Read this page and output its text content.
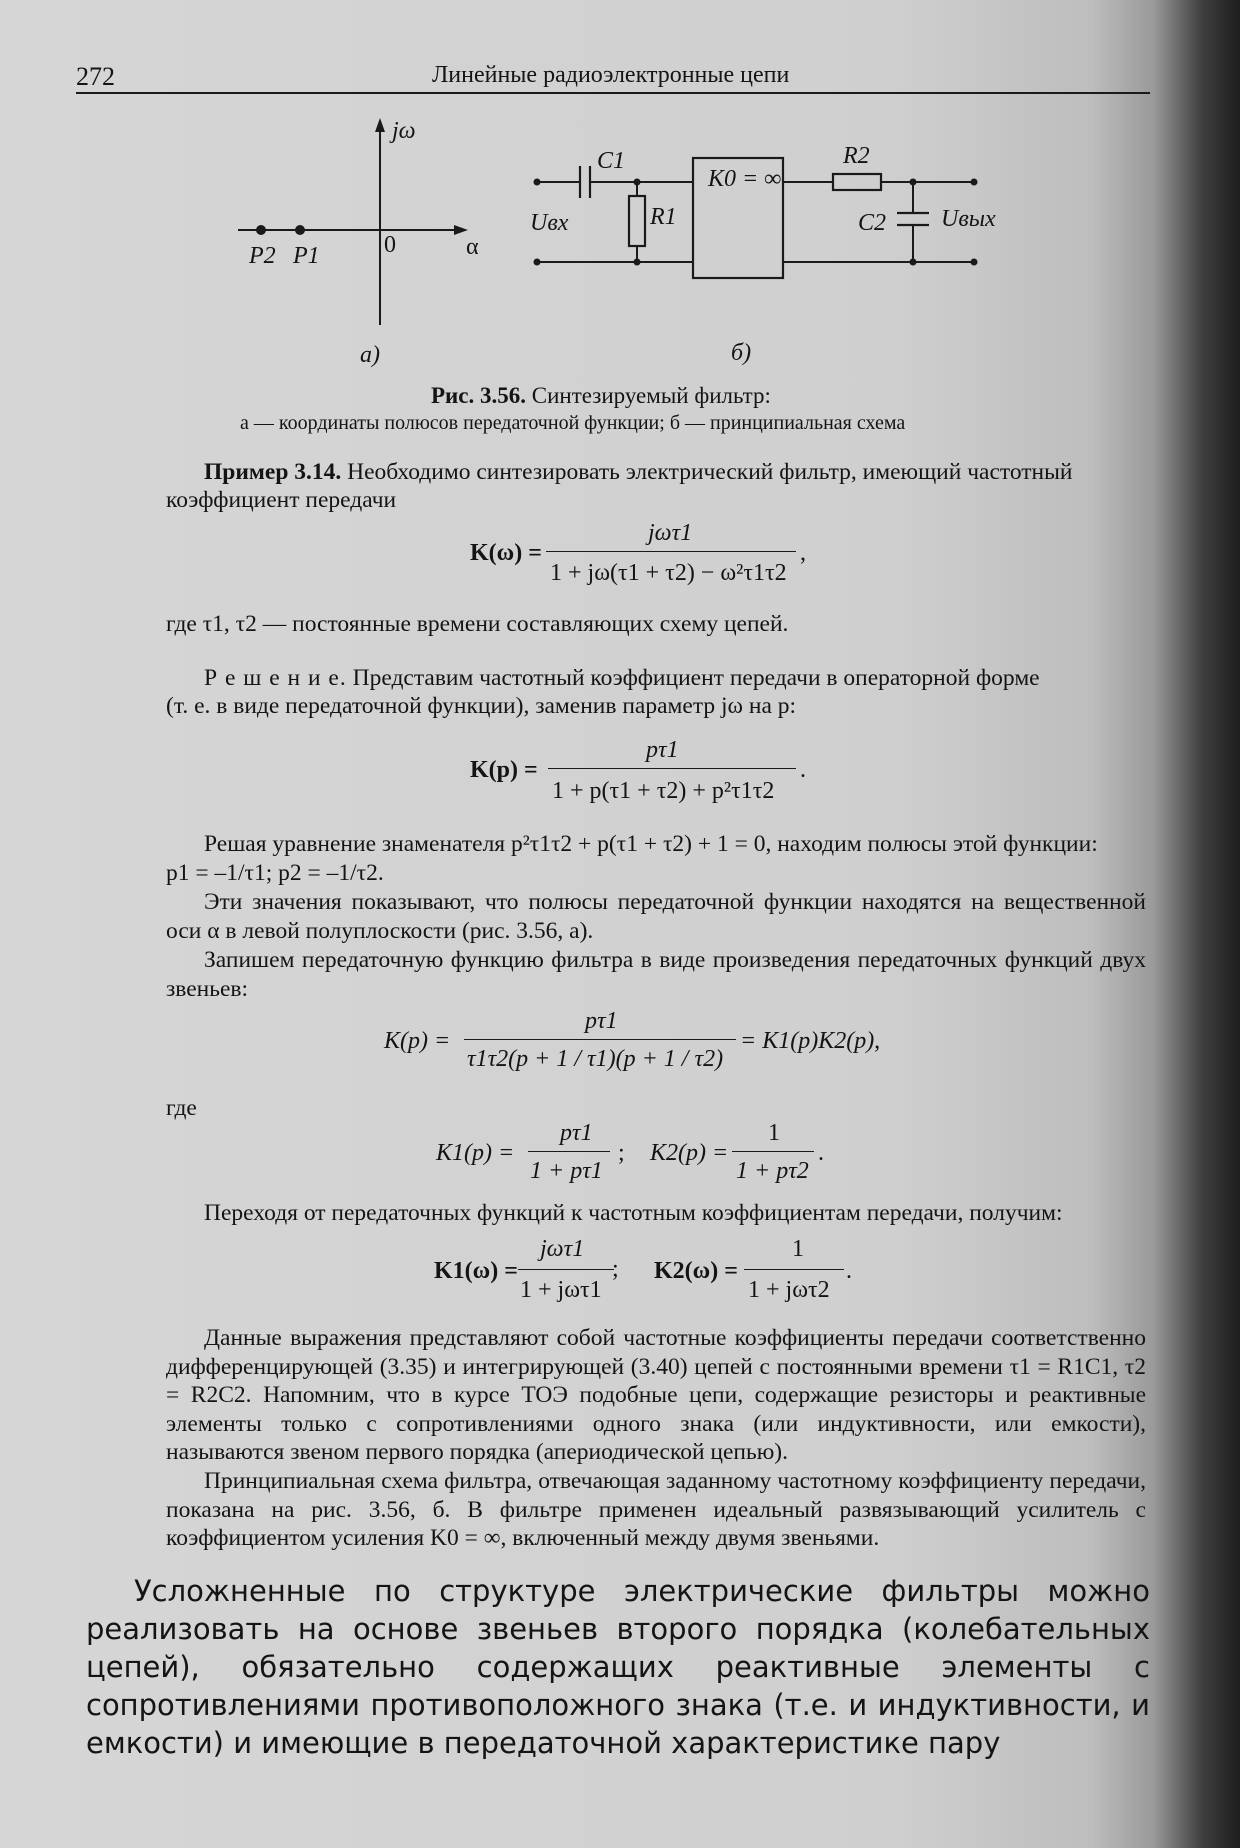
272	Линейные радиоэлектронные цепи
jω
α
0
P2 P1
а)
C1
R1
K0 = ∞
R2
C2
Uвх	Uвых
б)
Рис. 3.56. Синтезируемый фильтр:
а — координаты полюсов передаточной функции; б — принципиальная схема
Пример 3.14. Необходимо синтезировать электрический фильтр, имеющий частотный
коэффициент передачи
K(ω) =
jωτ1
1 + jω(τ1 + τ2) − ω²τ1τ2
,
где τ1, τ2 — постоянные времени составляющих схему цепей.
Р е ш е н и е. Представим частотный коэффициент передачи в операторной форме
(т. е. в виде передаточной функции), заменив параметр jω на p:
K(p) =
pτ1
1 + p(τ1 + τ2) + p²τ1τ2
.
Решая уравнение знаменателя p²τ1τ2 + p(τ1 + τ2) + 1 = 0, находим полюсы этой функции:
p1 = –1/τ1; p2 = –1/τ2.
Эти значения показывают, что полюсы передаточной функции находятся на вещественной оси α в левой полуплоскости (рис. 3.56, а).
Запишем передаточную функцию фильтра в виде произведения передаточных функций двух звеньев:
K(p) =
pτ1
τ1τ2(p + 1 / τ1)(p + 1 / τ2)
= K1(p)K2(p),
где
K1(p) =
pτ1
1 + pτ1
; K2(p) =
1
1 + pτ2
.
Переходя от передаточных функций к частотным коэффициентам передачи, получим:
K1(ω) =
jωτ1
1 + jωτ1
; K2(ω) =
1
1 + jωτ2
.
Данные выражения представляют собой частотные коэффициенты передачи соответственно дифференцирующей (3.35) и интегрирующей (3.40) цепей с постоянными времени τ1 = R1C1, τ2 = R2C2. Напомним, что в курсе ТОЭ подобные цепи, содержащие резисторы и реактивные элементы только с сопротивлениями одного знака (или индуктивности, или емкости), называются звеном первого порядка (апериодической цепью).
Принципиальная схема фильтра, отвечающая заданному частотному коэффициенту передачи, показана на рис. 3.56, б. В фильтре применен идеальный развязывающий усилитель с коэффициентом усиления K0 = ∞, включенный между двумя звеньями.
Усложненные по структуре электрические фильтры можно реализовать на основе звеньев второго порядка (колебательных цепей), обязательно содержащих реактивные элементы с сопротивлениями противоположного знака (т.е. и индуктивности, и емкости) и имеющие в передаточной характеристике пару
